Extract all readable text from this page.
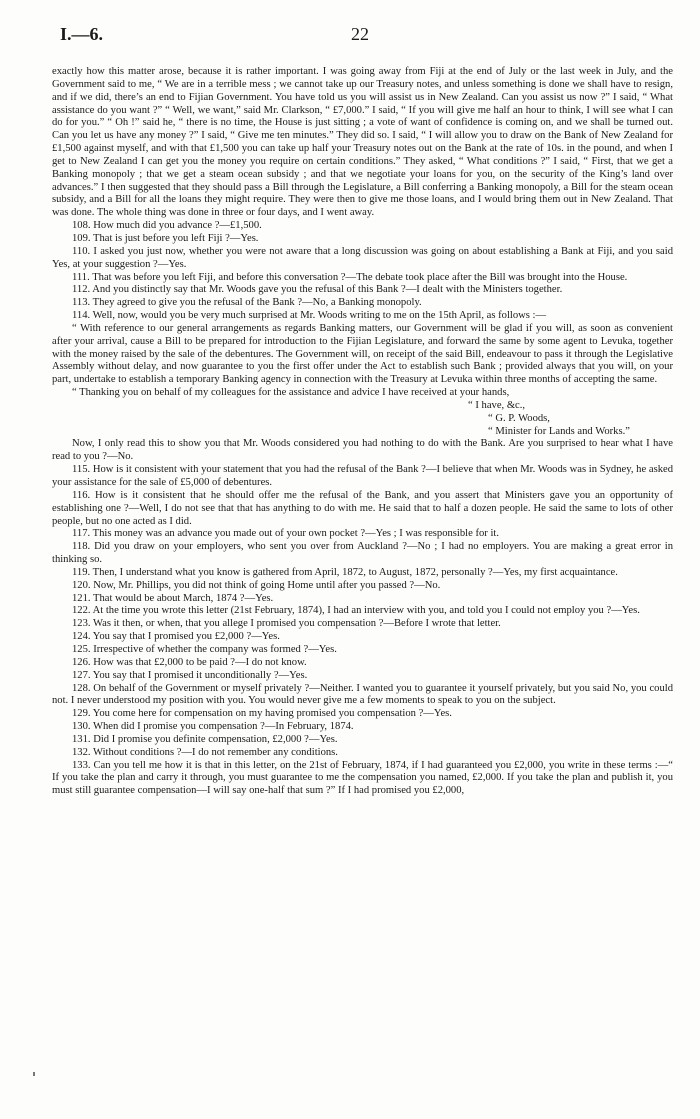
22
I.—6.

exactly how this matter arose, because it is rather important. I was going away from Fiji at the end of July or the last week in July, and the Government said to me, “ We are in a terrible mess ; we cannot take up our Treasury notes, and unless something is done we shall have to resign, and if we did, there’s an end to Fijian Government. You have told us you will assist us in New Zealand. Can you assist us now ?” I said, “ What assistance do you want ?” “ Well, we want,” said Mr. Clarkson, “ £7,000.” I said, “ If you will give me half an hour to think, I will see what I can do for you.” “ Oh !” said he, “ there is no time, the House is just sitting ; a vote of want of confidence is coming on, and we shall be turned out. Can you let us have any money ?” I said, “ Give me ten minutes.” They did so. I said, “ I will allow you to draw on the Bank of New Zealand for £1,500 against myself, and with that £1,500 you can take up half your Treasury notes out on the Bank at the rate of 10s. in the pound, and when I get to New Zealand I can get you the money you require on certain conditions.” They asked, “ What conditions ?” I said, “ First, that we get a Banking monopoly ; that we get a steam ocean subsidy ; and that we negotiate your loans for you, on the security of the King’s land over advances.” I then suggested that they should pass a Bill through the Legislature, a Bill conferring a Banking monopoly, a Bill for the steam ocean subsidy, and a Bill for all the loans they might require. They were then to give me those loans, and I would bring them out in New Zealand. That was done. The whole thing was done in three or four days, and I went away.

108. How much did you advance ?—£1,500.

109. That is just before you left Fiji ?—Yes.

110. I asked you just now, whether you were not aware that a long discussion was going on about establishing a Bank at Fiji, and you said Yes, at your suggestion ?—Yes.

111. That was before you left Fiji, and before this conversation ?—The debate took place after the Bill was brought into the House.

112. And you distinctly say that Mr. Woods gave you the refusal of this Bank ?—I dealt with the Ministers together.

113. They agreed to give you the refusal of the Bank ?—No, a Banking monopoly.

114. Well, now, would you be very much surprised at Mr. Woods writing to me on the 15th April, as follows :—

“ With reference to our general arrangements as regards Banking matters, our Government will be glad if you will, as soon as convenient after your arrival, cause a Bill to be prepared for introduction to the Fijian Legislature, and forward the same by some agent to Levuka, together with the money raised by the sale of the debentures. The Government will, on receipt of the said Bill, endeavour to pass it through the Legislative Assembly without delay, and now guarantee to you the first offer under the Act to establish such Bank ; provided always that you will, on your part, undertake to establish a temporary Banking agency in connection with the Treasury at Levuka within three months of accepting the same.

“ Thanking you on behalf of my colleagues for the assistance and advice I have received at your hands,

“ I have, &c.,

“ G. P. Woods,

“ Minister for Lands and Works.”

Now, I only read this to show you that Mr. Woods considered you had nothing to do with the Bank. Are you surprised to hear what I have read to you ?—No.

115. How is it consistent with your statement that you had the refusal of the Bank ?—I believe that when Mr. Woods was in Sydney, he asked your assistance for the sale of £5,000 of debentures.

116. How is it consistent that he should offer me the refusal of the Bank, and you assert that Ministers gave you an opportunity of establishing one ?—Well, I do not see that that has anything to do with me. He said that to half a dozen people. He said the same to lots of other people, but no one acted as I did.

117. This money was an advance you made out of your own pocket ?—Yes ; I was responsible for it.

118. Did you draw on your employers, who sent you over from Auckland ?—No ; I had no employers. You are making a great error in thinking so.

119. Then, I understand what you know is gathered from April, 1872, to August, 1872, personally ?—Yes, my first acquaintance.

120. Now, Mr. Phillips, you did not think of going Home until after you passed ?—No.

121. That would be about March, 1874 ?—Yes.

122. At the time you wrote this letter (21st February, 1874), I had an interview with you, and told you I could not employ you ?—Yes.

123. Was it then, or when, that you allege I promised you compensation ?—Before I wrote that letter.

124. You say that I promised you £2,000 ?—Yes.

125. Irrespective of whether the company was formed ?—Yes.

126. How was that £2,000 to be paid ?—I do not know.

127. You say that I promised it unconditionally ?—Yes.

128. On behalf of the Government or myself privately ?—Neither. I wanted you to guarantee it yourself privately, but you said No, you could not. I never understood my position with you. You would never give me a few moments to speak to you on the subject.

129. You come here for compensation on my having promised you compensation ?—Yes.

130. When did I promise you compensation ?—In February, 1874.

131. Did I promise you definite compensation, £2,000 ?—Yes.

132. Without conditions ?—I do not remember any conditions.

133. Can you tell me how it is that in this letter, on the 21st of February, 1874, if I had guaranteed you £2,000, you write in these terms :—“ If you take the plan and carry it through, you must guarantee to me the compensation you named, £2,000. If you take the plan and publish it, you must still guarantee compensation—I will say one-half that sum ?” If I had promised you £2,000,
